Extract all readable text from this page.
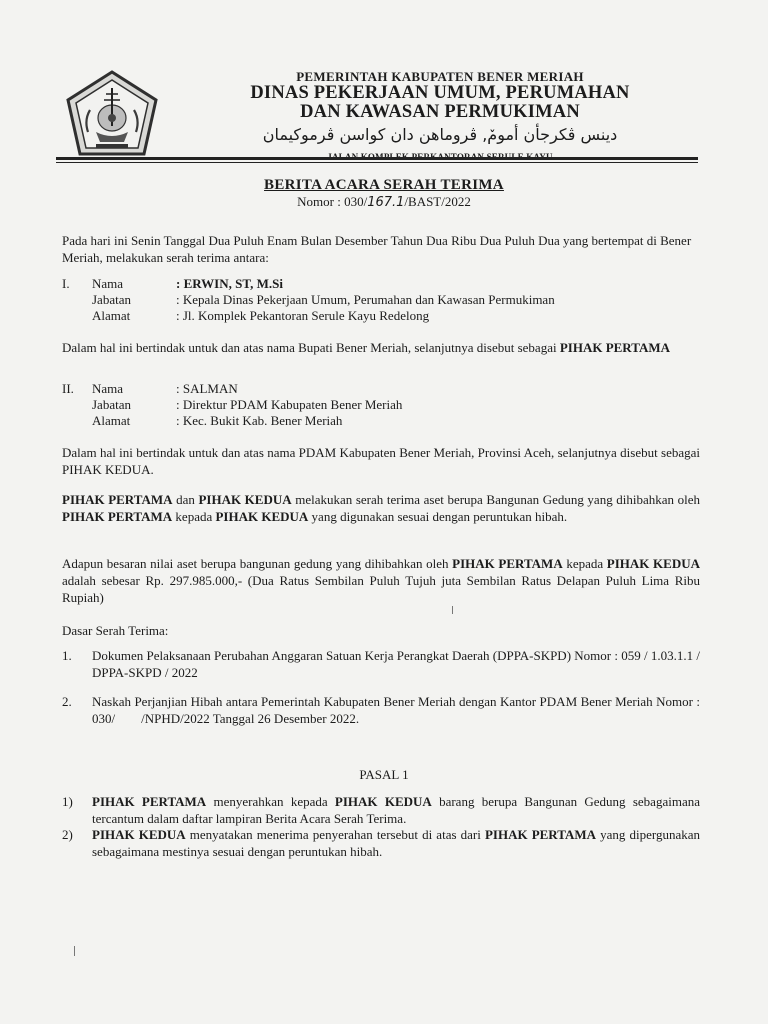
PEMERINTAH KABUPATEN BENER MERIAH
DINAS PEKERJAAN UMUM, PERUMAHAN
DAN KAWASAN PERMUKIMAN
دينس ڤكرجأن أمومٚ, ڤروماهن دان كواسن ڤرموكيمان
BERITA ACARA SERAH TERIMA
Nomor : 030/167.1/BAST/2022
Pada hari ini Senin Tanggal Dua Puluh Enam Bulan Desember Tahun Dua Ribu Dua Puluh Dua yang bertempat di Bener Meriah, melakukan serah terima antara:
I. Nama	: ERWIN, ST, M.Si
Jabatan	: Kepala Dinas Pekerjaan Umum, Perumahan dan Kawasan Permukiman
Alamat	: Jl. Komplek Pekantoran Serule Kayu Redelong
Dalam hal ini bertindak untuk dan atas nama Bupati Bener Meriah, selanjutnya disebut sebagai PIHAK PERTAMA
II. Nama	: SALMAN
Jabatan	: Direktur PDAM Kabupaten Bener Meriah
Alamat	: Kec. Bukit Kab. Bener Meriah
Dalam hal ini bertindak untuk dan atas nama PDAM Kabupaten Bener Meriah, Provinsi Aceh, selanjutnya disebut sebagai PIHAK KEDUA.
PIHAK PERTAMA dan PIHAK KEDUA melakukan serah terima aset berupa Bangunan Gedung yang dihibahkan oleh PIHAK PERTAMA kepada PIHAK KEDUA yang digunakan sesuai dengan peruntukan hibah.
Adapun besaran nilai aset berupa bangunan gedung yang dihibahkan oleh PIHAK PERTAMA kepada PIHAK KEDUA adalah sebesar Rp. 297.985.000,- (Dua Ratus Sembilan Puluh Tujuh juta Sembilan Ratus Delapan Puluh Lima Ribu Rupiah)
Dasar Serah Terima:
1.	Dokumen Pelaksanaan Perubahan Anggaran Satuan Kerja Perangkat Daerah (DPPA-SKPD) Nomor : 059 / 1.03.1.1 / DPPA-SKPD / 2022
2.	Naskah Perjanjian Hibah antara Pemerintah Kabupaten Bener Meriah dengan Kantor PDAM Bener Meriah Nomor : 030/        /NPHD/2022 Tanggal 26 Desember 2022.
PASAL 1
1)	PIHAK PERTAMA menyerahkan kepada PIHAK KEDUA barang berupa Bangunan Gedung sebagaimana tercantum dalam daftar lampiran Berita Acara Serah Terima.
2)	PIHAK KEDUA menyatakan menerima penyerahan tersebut di atas dari PIHAK PERTAMA yang dipergunakan sebagaimana mestinya sesuai dengan peruntukan hibah.
